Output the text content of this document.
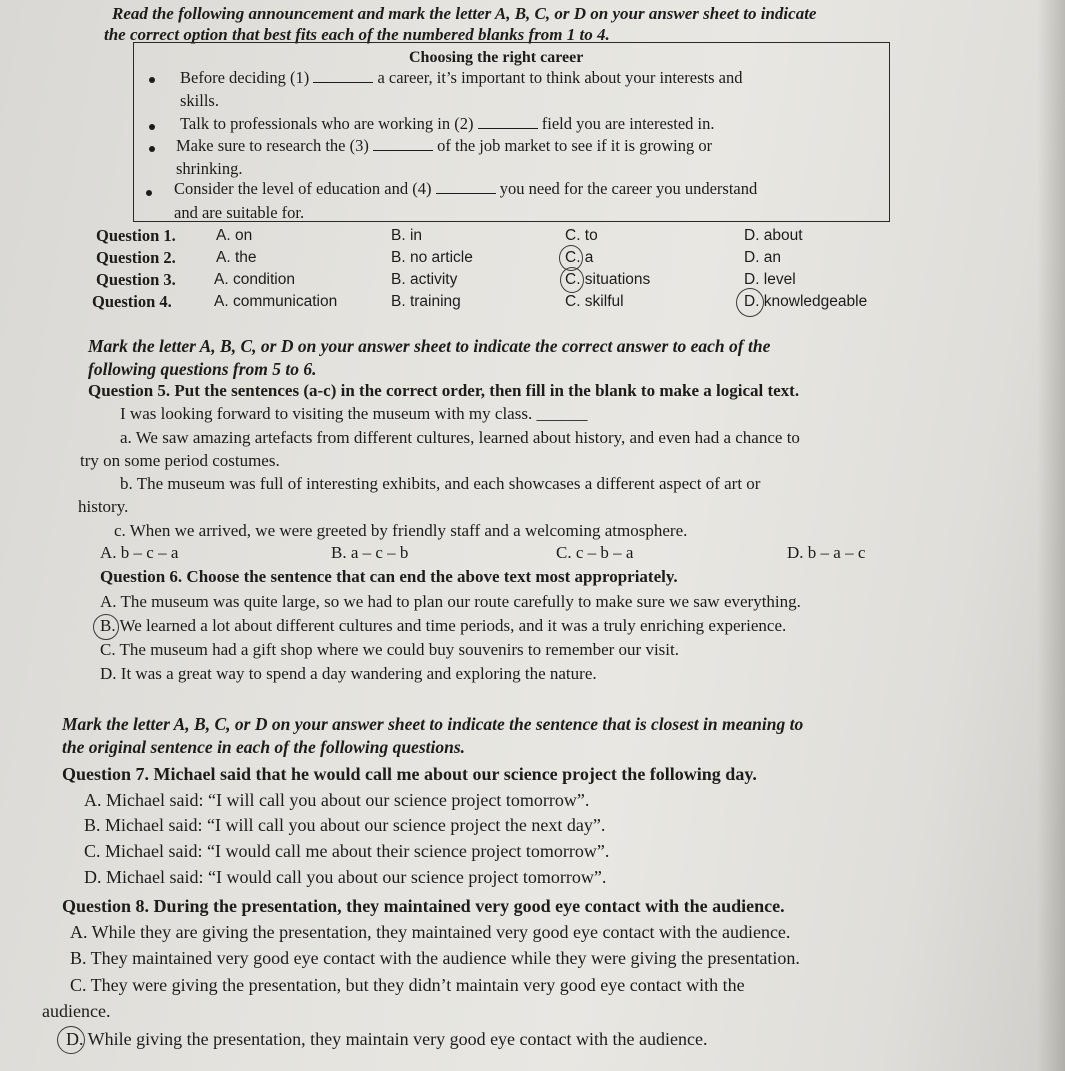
Read the following announcement and mark the letter A, B, C, or D on your answer sheet to indicate
the correct option that best fits each of the numbered blanks from 1 to 4.
Choosing the right career
Before deciding (1)	a career, it’s important to think about your interests and
skills.
Talk to professionals who are working in (2)	field you are interested in.
Make sure to research the (3)	of the job market to see if it is growing or
shrinking.
Consider the level of education and (4)	you need for the career you understand
and are suitable for.
Question 1.	A. on	B. in	C. to	D. about
Question 2.	A. the	B. no article	C. a	D. an
Question 3. A. condition	B. activity	C. situations	D. level
Question 4.	A. communication	B. training	C. skilful	D. knowledgeable
Mark the letter A, B, C, or D on your answer sheet to indicate the correct answer to each of the
following questions from 5 to 6.
Question 5. Put the sentences (a-c) in the correct order, then fill in the blank to make a logical text.
I was looking forward to visiting the museum with my class. ______
a. We saw amazing artefacts from different cultures, learned about history, and even had a chance to
try on some period costumes.
b. The museum was full of interesting exhibits, and each showcases a different aspect of art or
history.
c. When we arrived, we were greeted by friendly staff and a welcoming atmosphere.
A. b – c – a	B. a – c – b	C. c – b – a	D. b – a – c
Question 6. Choose the sentence that can end the above text most appropriately.
A. The museum was quite large, so we had to plan our route carefully to make sure we saw everything.
B. We learned a lot about different cultures and time periods, and it was a truly enriching experience.
C. The museum had a gift shop where we could buy souvenirs to remember our visit.
D. It was a great way to spend a day wandering and exploring the nature.
Mark the letter A, B, C, or D on your answer sheet to indicate the sentence that is closest in meaning to
the original sentence in each of the following questions.
Question 7. Michael said that he would call me about our science project the following day.
A. Michael said: “I will call you about our science project tomorrow”.
B. Michael said: “I will call you about our science project the next day”.
C. Michael said: “I would call me about their science project tomorrow”.
D. Michael said: “I would call you about our science project tomorrow”.
Question 8. During the presentation, they maintained very good eye contact with the audience.
A. While they are giving the presentation, they maintained very good eye contact with the audience.
B. They maintained very good eye contact with the audience while they were giving the presentation.
C. They were giving the presentation, but they didn’t maintain very good eye contact with the
audience.
D. While giving the presentation, they maintain very good eye contact with the audience.
